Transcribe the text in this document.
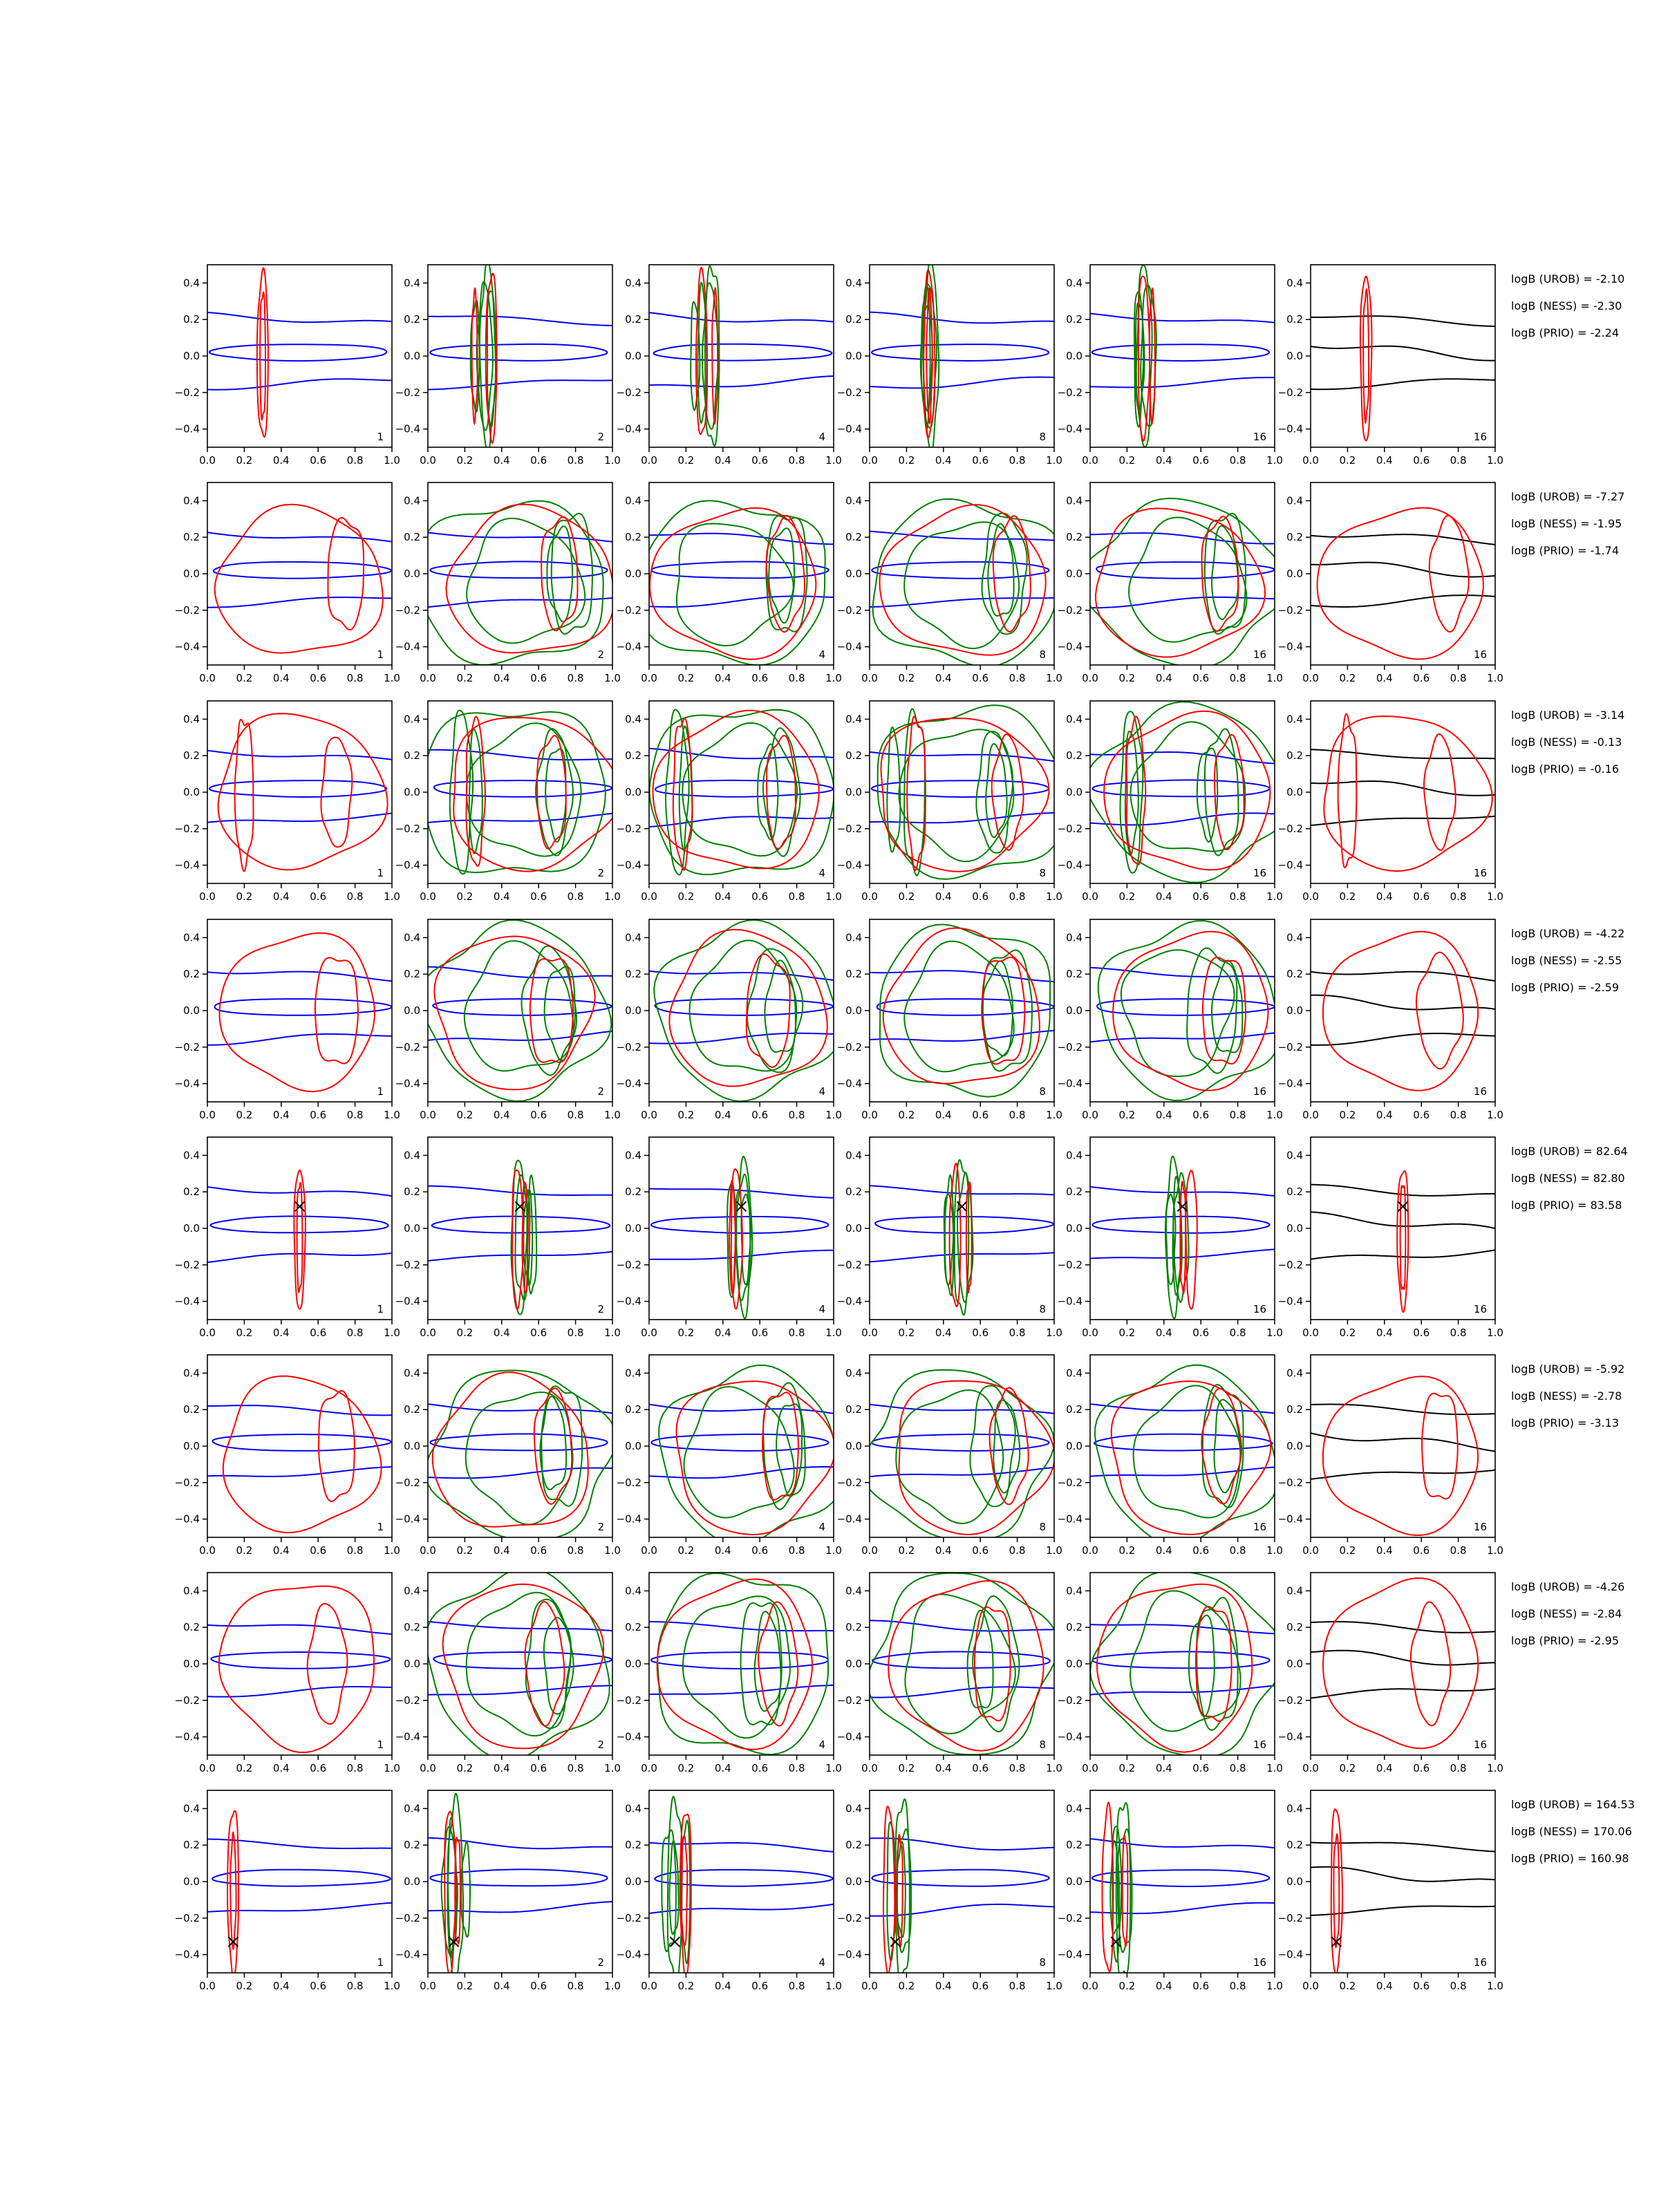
0.0 0.2 0.4 0.6 0.8 1.0
0.4
0.2
0.0
−0.2
−0.4
1
0.0 0.2 0.4 0.6 0.8 1.0
0.4
0.2
0.0
−0.2
−0.4
2
0.0 0.2 0.4 0.6 0.8 1.0
0.4
0.2
0.0
−0.2
−0.4
4
0.0 0.2 0.4 0.6 0.8 1.0
0.4
0.2
0.0
−0.2
−0.4
8
0.0 0.2 0.4 0.6 0.8 1.0
0.4
0.2
0.0
−0.2
−0.4
16
0.0 0.2 0.4 0.6 0.8 1.0
0.4
0.2
0.0
−0.2
−0.4
16
logB (UROB) = -2.10
logB (NESS) = -2.30
logB (PRIO) = -2.24
0.0 0.2 0.4 0.6 0.8 1.0
0.4
0.2
0.0
−0.2
−0.4
1
0.0 0.2 0.4 0.6 0.8 1.0
0.4
0.2
0.0
−0.2
−0.4
2
0.0 0.2 0.4 0.6 0.8 1.0
0.4
0.2
0.0
−0.2
−0.4
4
0.0 0.2 0.4 0.6 0.8 1.0
0.4
0.2
0.0
−0.2
−0.4
8
0.0 0.2 0.4 0.6 0.8 1.0
0.4
0.2
0.0
−0.2
−0.4
16
0.0 0.2 0.4 0.6 0.8 1.0
0.4
0.2
0.0
−0.2
−0.4
16
logB (UROB) = -7.27
logB (NESS) = -1.95
logB (PRIO) = -1.74
0.0 0.2 0.4 0.6 0.8 1.0
0.4
0.2
0.0
−0.2
−0.4
1
0.0 0.2 0.4 0.6 0.8 1.0
0.4
0.2
0.0
−0.2
−0.4
2
0.0 0.2 0.4 0.6 0.8 1.0
0.4
0.2
0.0
−0.2
−0.4
4
0.0 0.2 0.4 0.6 0.8 1.0
0.4
0.2
0.0
−0.2
−0.4
8
0.0 0.2 0.4 0.6 0.8 1.0
0.4
0.2
0.0
−0.2
−0.4
16
0.0 0.2 0.4 0.6 0.8 1.0
0.4
0.2
0.0
−0.2
−0.4
16
logB (UROB) = -3.14
logB (NESS) = -0.13
logB (PRIO) = -0.16
0.0 0.2 0.4 0.6 0.8 1.0
0.4
0.2
0.0
−0.2
−0.4
1
0.0 0.2 0.4 0.6 0.8 1.0
0.4
0.2
0.0
−0.2
−0.4
2
0.0 0.2 0.4 0.6 0.8 1.0
0.4
0.2
0.0
−0.2
−0.4
4
0.0 0.2 0.4 0.6 0.8 1.0
0.4
0.2
0.0
−0.2
−0.4
8
0.0 0.2 0.4 0.6 0.8 1.0
0.4
0.2
0.0
−0.2
−0.4
16
0.0 0.2 0.4 0.6 0.8 1.0
0.4
0.2
0.0
−0.2
−0.4
16
logB (UROB) = -4.22
logB (NESS) = -2.55
logB (PRIO) = -2.59
0.0 0.2 0.4 0.6 0.8 1.0
0.4
0.2
0.0
−0.2
−0.4
1
0.0 0.2 0.4 0.6 0.8 1.0
0.4
0.2
0.0
−0.2
−0.4
2
0.0 0.2 0.4 0.6 0.8 1.0
0.4
0.2
0.0
−0.2
−0.4
4
0.0 0.2 0.4 0.6 0.8 1.0
0.4
0.2
0.0
−0.2
−0.4
8
0.0 0.2 0.4 0.6 0.8 1.0
0.4
0.2
0.0
−0.2
−0.4
16
0.0 0.2 0.4 0.6 0.8 1.0
0.4
0.2
0.0
−0.2
−0.4
16
logB (UROB) = 82.64
logB (NESS) = 82.80
logB (PRIO) = 83.58
0.0 0.2 0.4 0.6 0.8 1.0
0.4
0.2
0.0
−0.2
−0.4
1
0.0 0.2 0.4 0.6 0.8 1.0
0.4
0.2
0.0
−0.2
−0.4
2
0.0 0.2 0.4 0.6 0.8 1.0
0.4
0.2
0.0
−0.2
−0.4
4
0.0 0.2 0.4 0.6 0.8 1.0
0.4
0.2
0.0
−0.2
−0.4
8
0.0 0.2 0.4 0.6 0.8 1.0
0.4
0.2
0.0
−0.2
−0.4
16
0.0 0.2 0.4 0.6 0.8 1.0
0.4
0.2
0.0
−0.2
−0.4
16
logB (UROB) = -5.92
logB (NESS) = -2.78
logB (PRIO) = -3.13
0.0 0.2 0.4 0.6 0.8 1.0
0.4
0.2
0.0
−0.2
−0.4
1
0.0 0.2 0.4 0.6 0.8 1.0
0.4
0.2
0.0
−0.2
−0.4
2
0.0 0.2 0.4 0.6 0.8 1.0
0.4
0.2
0.0
−0.2
−0.4
4
0.0 0.2 0.4 0.6 0.8 1.0
0.4
0.2
0.0
−0.2
−0.4
8
0.0 0.2 0.4 0.6 0.8 1.0
0.4
0.2
0.0
−0.2
−0.4
16
0.0 0.2 0.4 0.6 0.8 1.0
0.4
0.2
0.0
−0.2
−0.4
16
logB (UROB) = -4.26
logB (NESS) = -2.84
logB (PRIO) = -2.95
0.0 0.2 0.4 0.6 0.8 1.0
0.4
0.2
0.0
−0.2
−0.4
1
0.0 0.2 0.4 0.6 0.8 1.0
0.4
0.2
0.0
−0.2
−0.4
2
0.0 0.2 0.4 0.6 0.8 1.0
0.4
0.2
0.0
−0.2
−0.4
4
0.0 0.2 0.4 0.6 0.8 1.0
0.4
0.2
0.0
−0.2
−0.4
8
0.0 0.2 0.4 0.6 0.8 1.0
0.4
0.2
0.0
−0.2
−0.4
16
0.0 0.2 0.4 0.6 0.8 1.0
0.4
0.2
0.0
−0.2
−0.4
16
logB (UROB) = 164.53
logB (NESS) = 170.06
logB (PRIO) = 160.98
